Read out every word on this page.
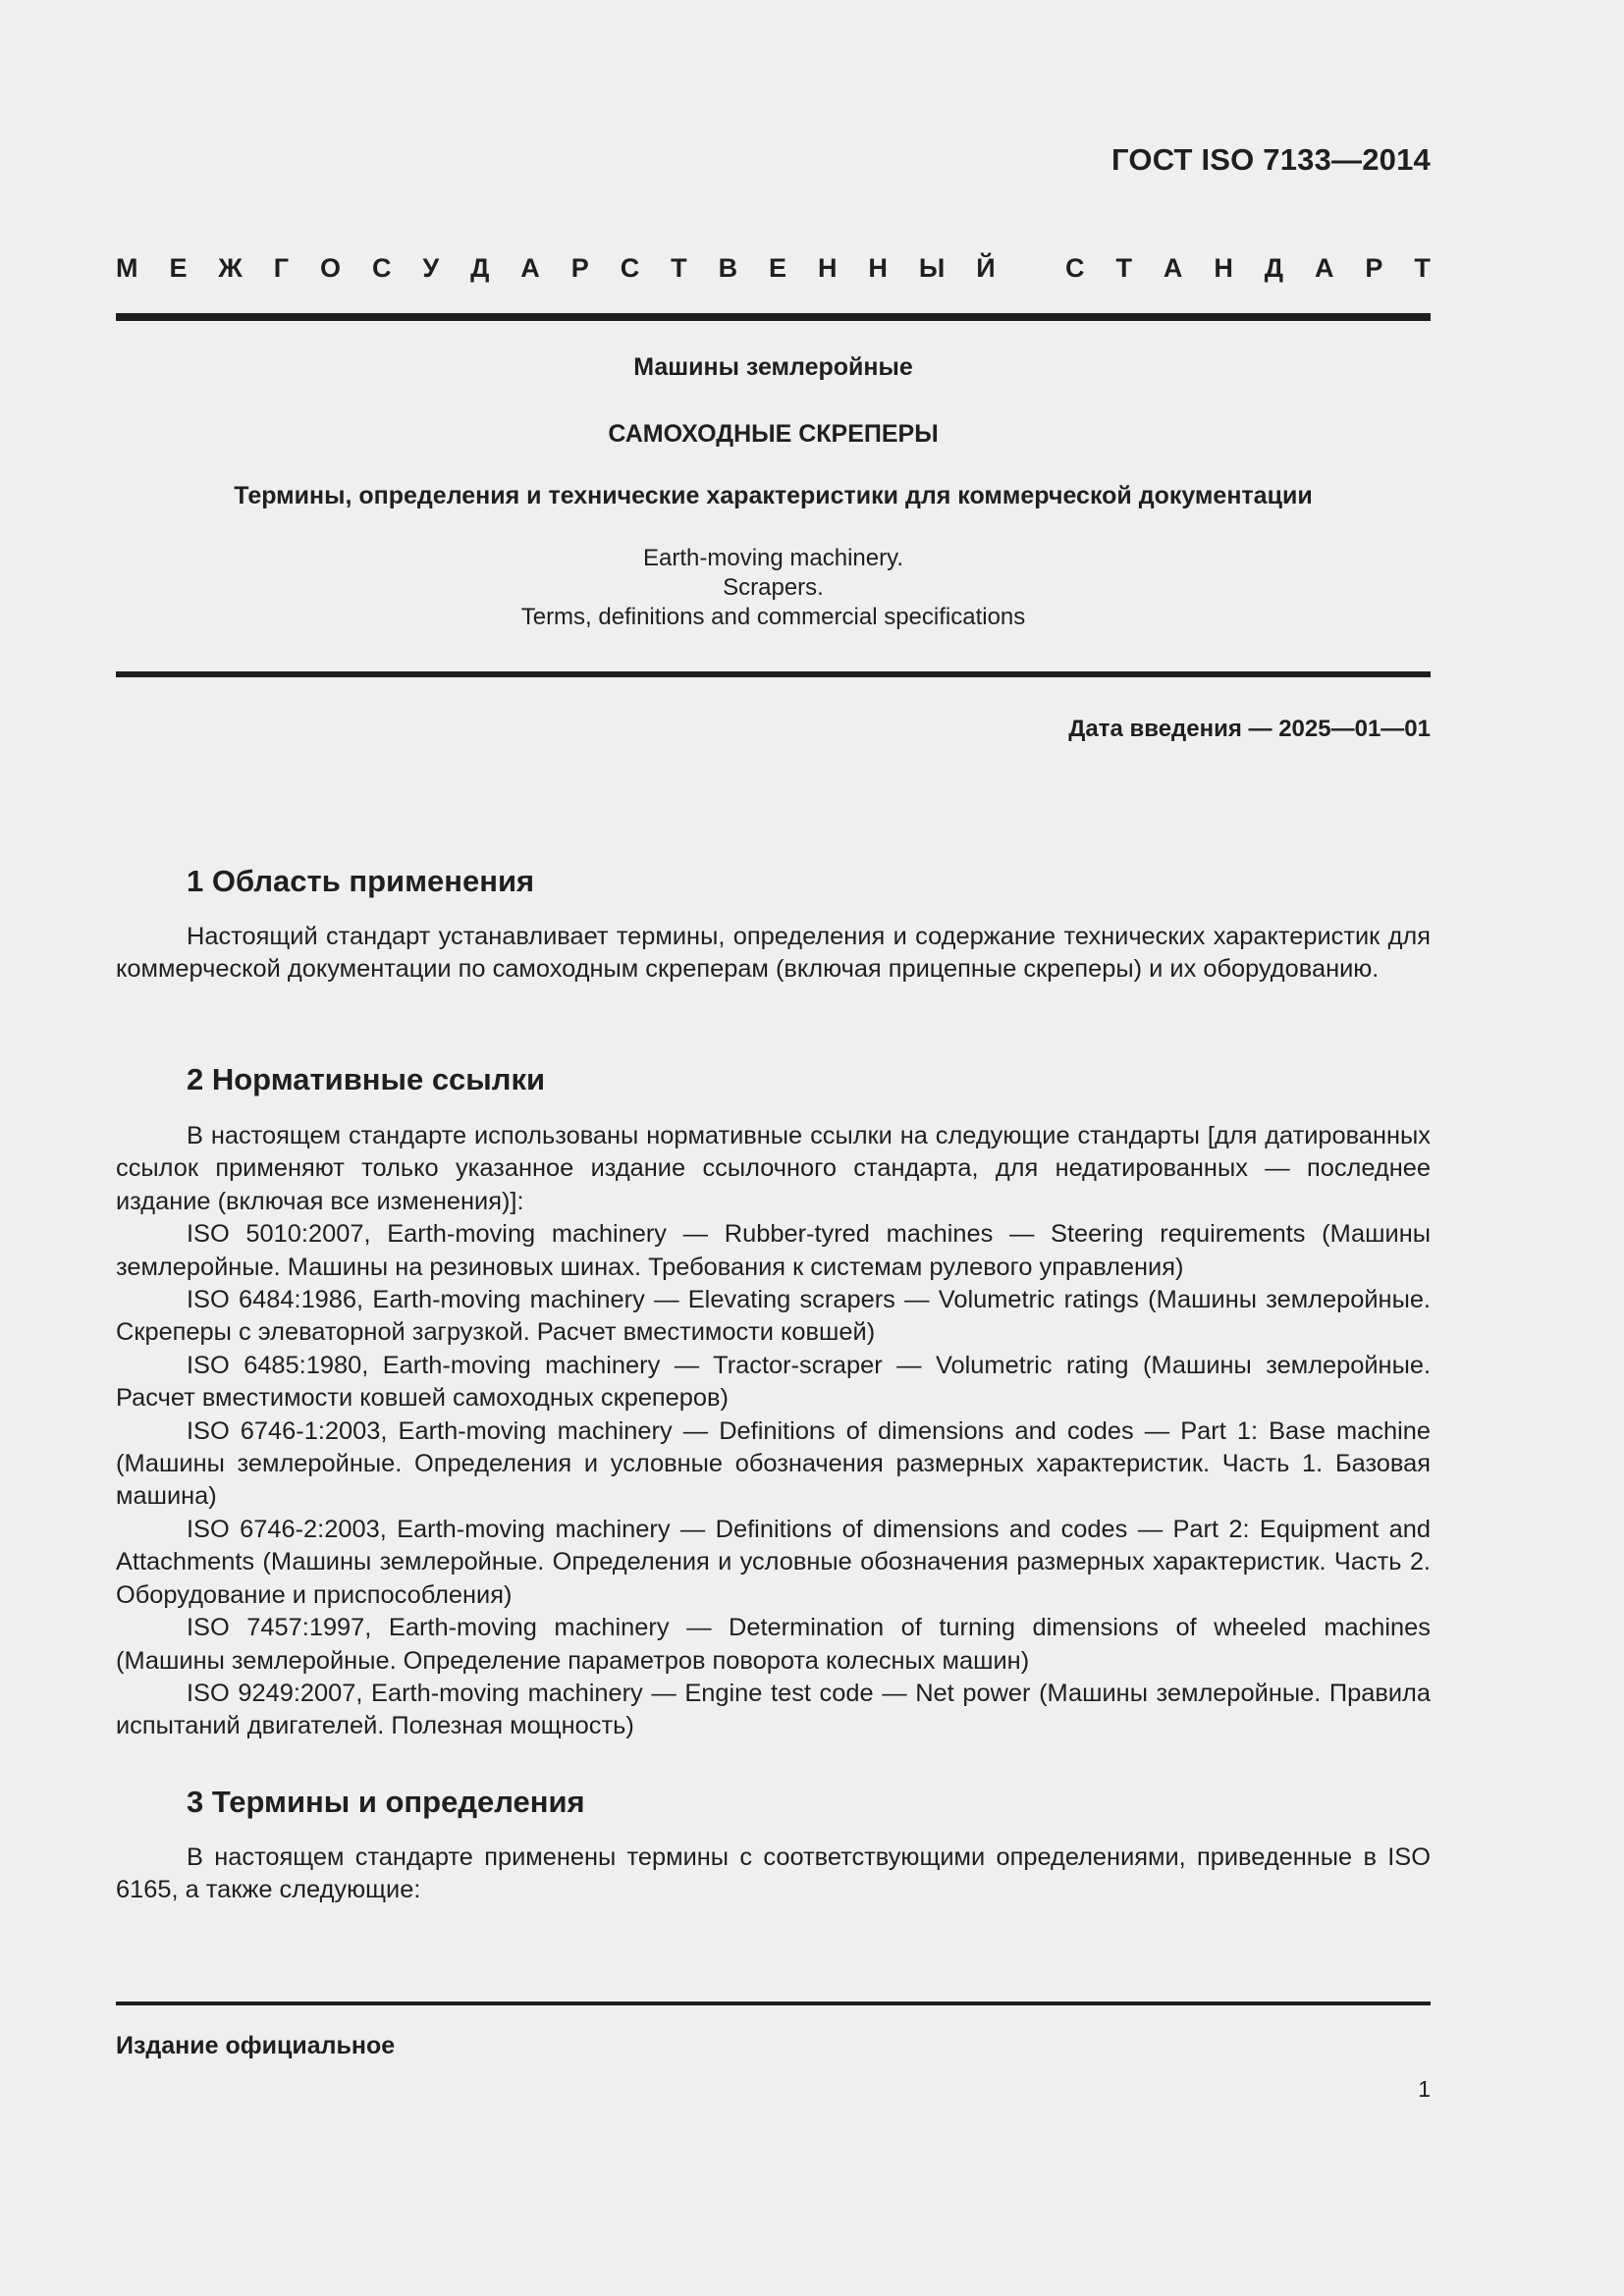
ГОСТ ISO 7133—2014
М Е Ж Г О С У Д А Р С Т В Е Н Н Ы Й
	С Т А Н Д А Р Т
Машины землеройные
САМОХОДНЫЕ СКРЕПЕРЫ
Термины, определения и технические характеристики для коммерческой документации
Earth-moving machinery.
Scrapers.
Terms, definitions and commercial specifications
Дата введения — 2025—01—01
1 Область применения

Настоящий стандарт устанавливает термины, определения и содержание технических характеристик для коммерческой документации по самоходным скреперам (включая прицепные скреперы) и их оборудованию.

2 Нормативные ссылки

В настоящем стандарте использованы нормативные ссылки на следующие стандарты [для датированных ссылок применяют только указанное издание ссылочного стандарта, для недатированных — последнее издание (включая все изменения)]:

ISO 5010:2007, Earth-moving machinery — Rubber-tyred machines — Steering requirements (Машины землеройные. Машины на резиновых шинах. Требования к системам рулевого управления)

ISO 6484:1986, Earth-moving machinery — Elevating scrapers — Volumetric ratings (Машины землеройные. Скреперы с элеваторной загрузкой. Расчет вместимости ковшей)

ISO 6485:1980, Earth-moving machinery — Tractor-scraper — Volumetric rating (Машины землеройные. Расчет вместимости ковшей самоходных скреперов)

ISO 6746-1:2003, Earth-moving machinery — Definitions of dimensions and codes — Part 1: Base machine (Машины землеройные. Определения и условные обозначения размерных характеристик. Часть 1. Базовая машина)

ISO 6746-2:2003, Earth-moving machinery — Definitions of dimensions and codes — Part 2: Equipment and Attachments (Машины землеройные. Определения и условные обозначения размерных характеристик. Часть 2. Оборудование и приспособления)

ISO 7457:1997, Earth-moving machinery — Determination of turning dimensions of wheeled machines (Машины землеройные. Определение параметров поворота колесных машин)

ISO 9249:2007, Earth-moving machinery — Engine test code — Net power (Машины землеройные. Правила испытаний двигателей. Полезная мощность)

3 Термины и определения

В настоящем стандарте применены термины с соответствующими определениями, приведенные в ISO 6165, а также следующие:

Издание официальное
1
